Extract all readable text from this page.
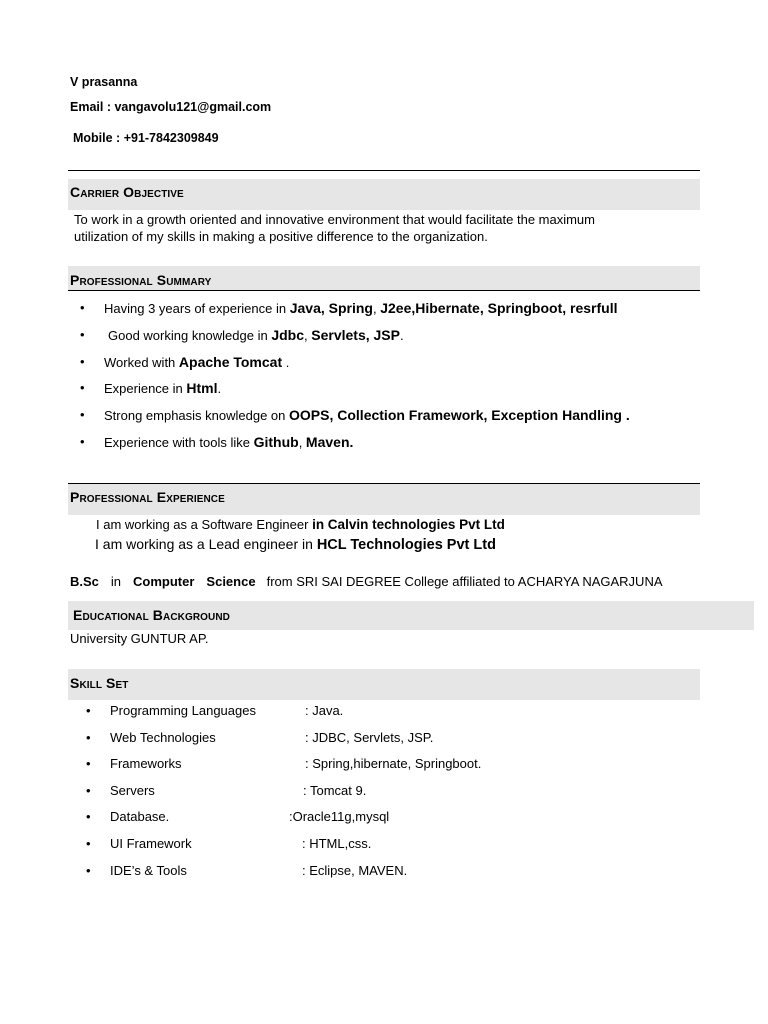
V prasanna
Email : vangavolu121@gmail.com
Mobile : +91-7842309849
Carrier Objective
To work in a growth oriented and innovative environment that would facilitate the maximum
utilization of my skills in making a positive difference to the organization.
Professional Summary
• Having 3 years of experience in Java, Spring, J2ee,Hibernate, Springboot, resrfull
• Good working knowledge in Jdbc, Servlets, JSP.
• Worked with Apache Tomcat .
• Experience in Html.
• Strong emphasis knowledge on OOPS, Collection Framework, Exception Handling .
• Experience with tools like Github, Maven.
Professional Experience
I am working as a Software Engineer in Calvin technologies Pvt Ltd
I am working as a Lead engineer in HCL Technologies Pvt Ltd
B.Sc in Computer Science from SRI SAI DEGREE College affiliated to ACHARYA NAGARJUNA
Educational Background
University GUNTUR AP.
Skill Set
• Programming Languages	: Java.
• Web Technologies	: JDBC, Servlets, JSP.
• Frameworks	: Spring,hibernate, Springboot.
• Servers	: Tomcat 9.
• Database.	:Oracle11g,mysql
• UI Framework	: HTML,css.
• IDE’s & Tools	: Eclipse, MAVEN.
